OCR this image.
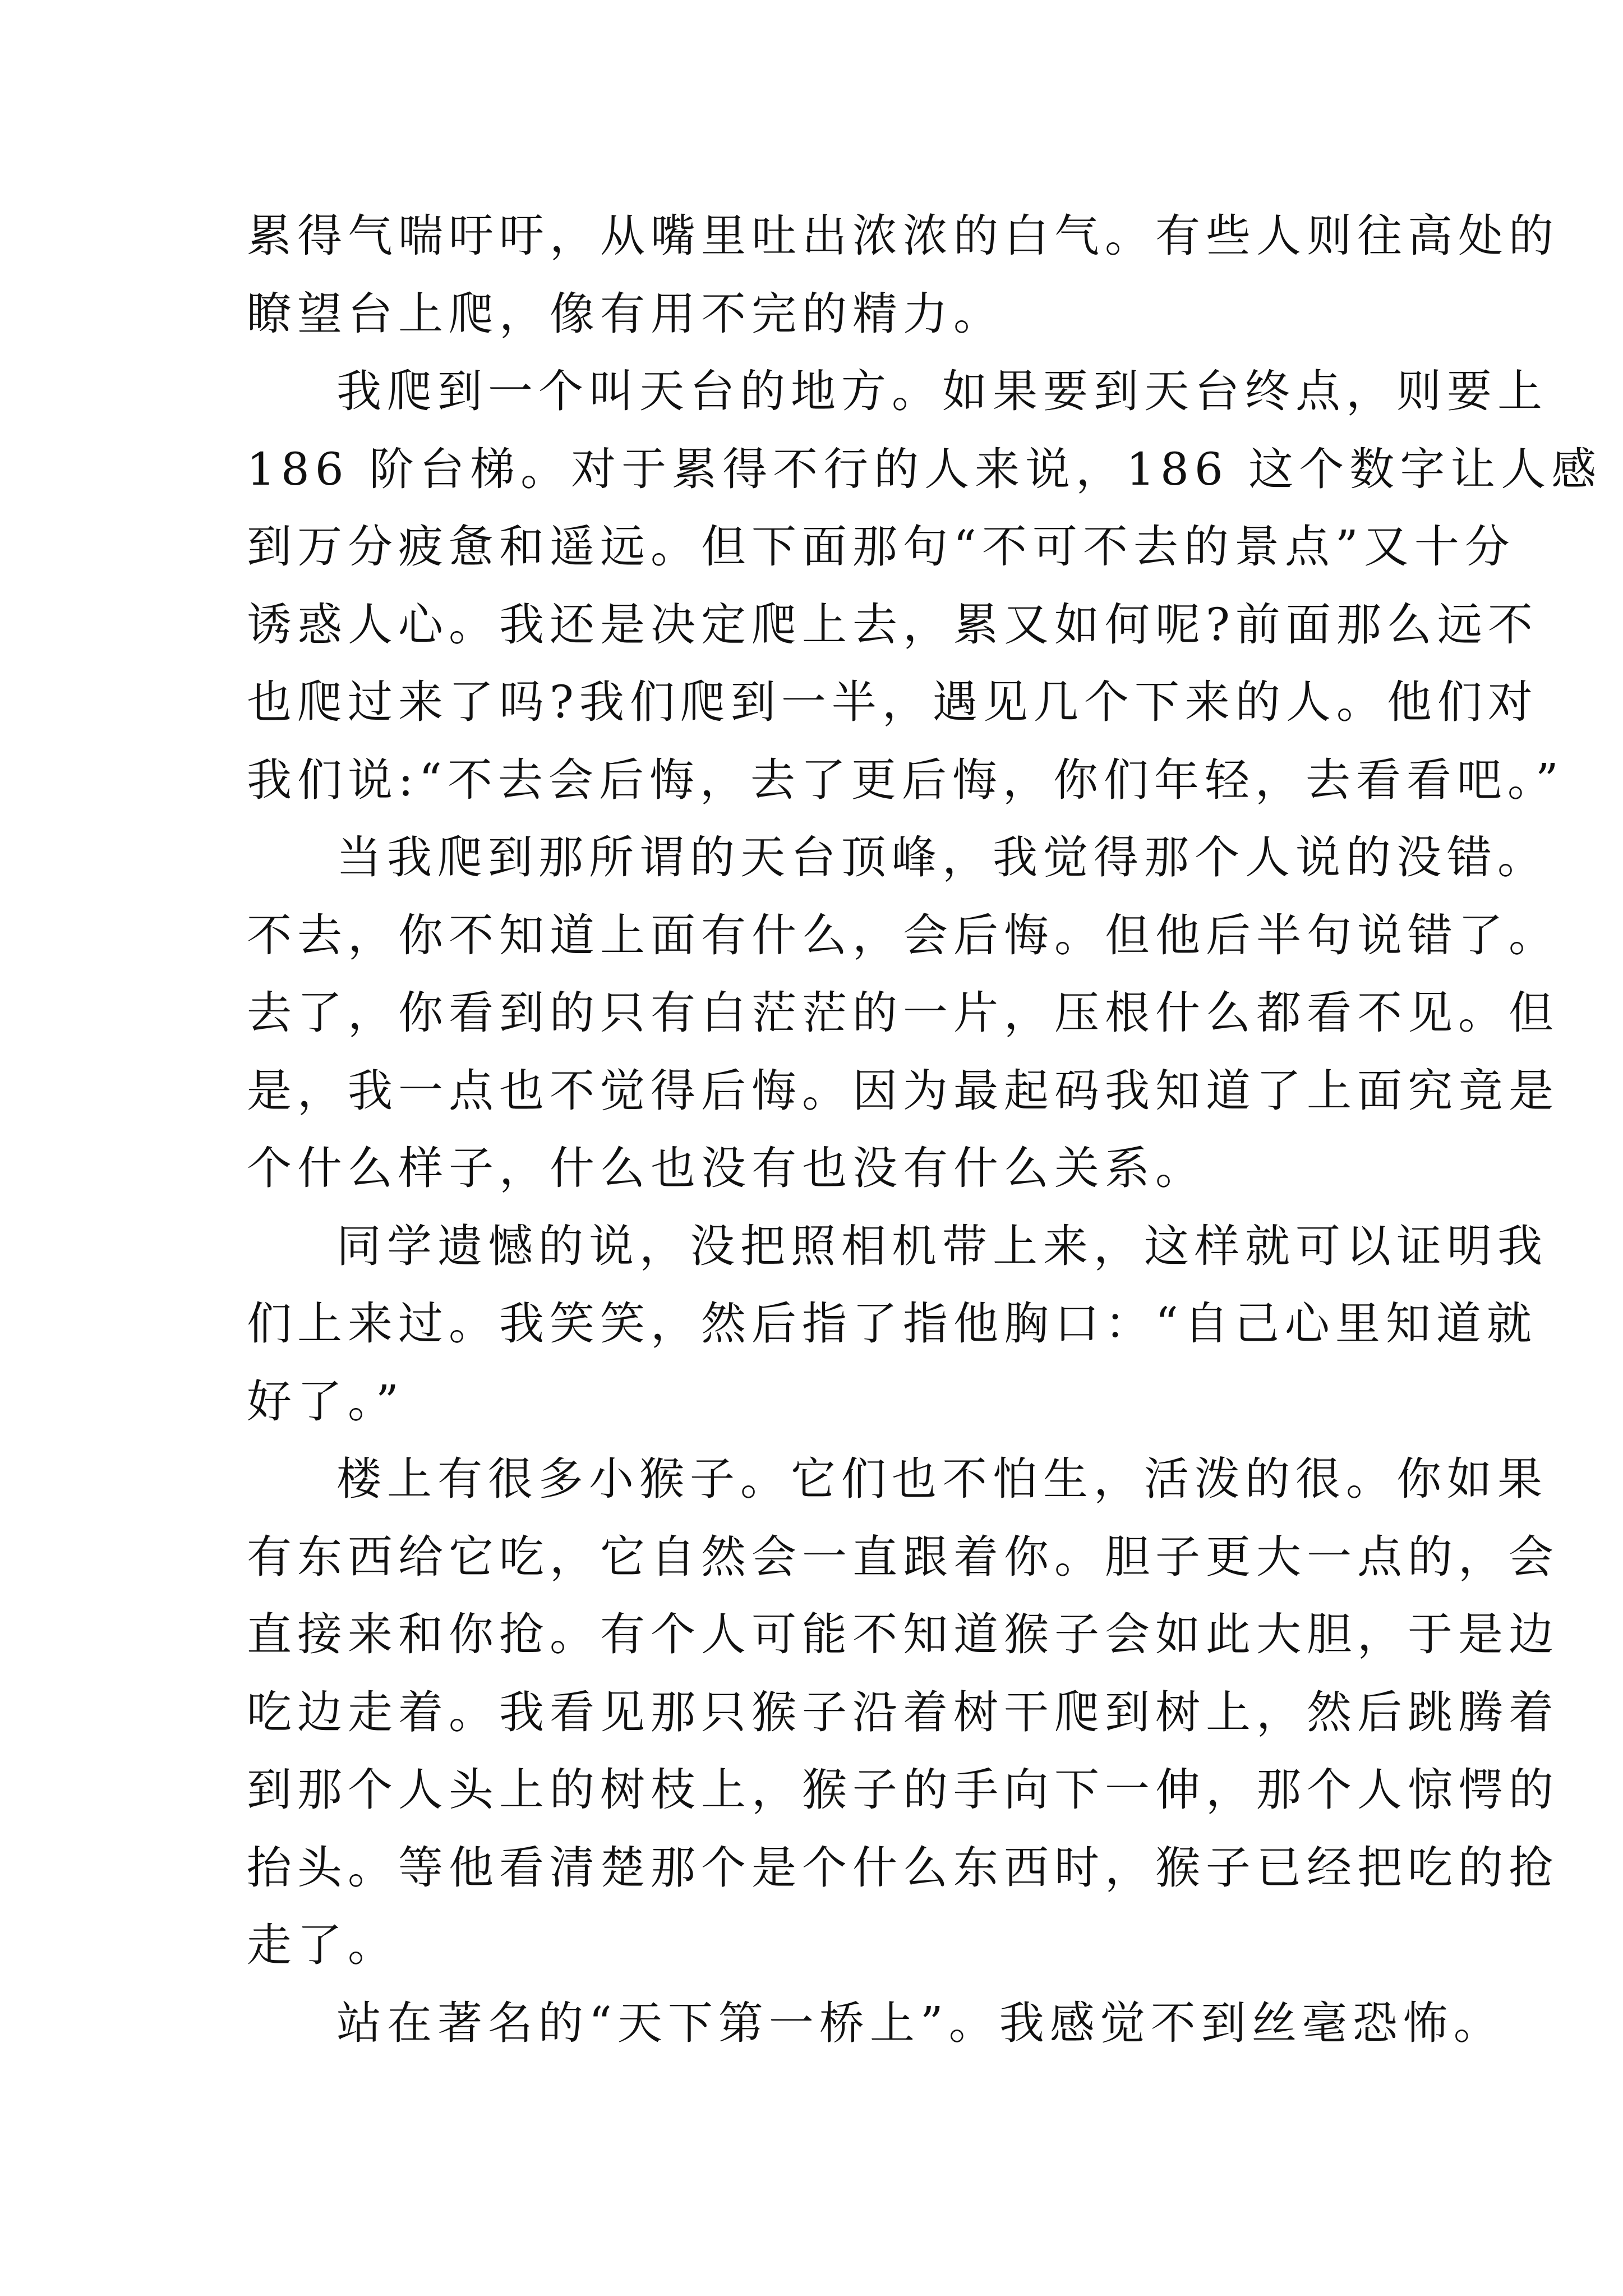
累得气喘吁吁，从嘴里吐出浓浓的白气。有些人则往高处的
瞭望台上爬，像有用不完的精力。
我爬到一个叫天台的地方。如果要到天台终点，则要上
186 阶台梯。对于累得不行的人来说，186 这个数字让人感
到万分疲惫和遥远。但下面那句“不可不去的景点”又十分
诱惑人心。我还是决定爬上去，累又如何呢?前面那么远不
也爬过来了吗?我们爬到一半，遇见几个下来的人。他们对
我们说:“不去会后悔，去了更后悔，你们年轻，去看看吧。”
当我爬到那所谓的天台顶峰，我觉得那个人说的没错。
不去，你不知道上面有什么，会后悔。但他后半句说错了。
去了，你看到的只有白茫茫的一片，压根什么都看不见。但
是，我一点也不觉得后悔。因为最起码我知道了上面究竟是
个什么样子，什么也没有也没有什么关系。
同学遗憾的说，没把照相机带上来，这样就可以证明我
们上来过。我笑笑，然后指了指他胸口：“自己心里知道就
好了。”
楼上有很多小猴子。它们也不怕生，活泼的很。你如果
有东西给它吃，它自然会一直跟着你。胆子更大一点的，会
直接来和你抢。有个人可能不知道猴子会如此大胆，于是边
吃边走着。我看见那只猴子沿着树干爬到树上，然后跳腾着
到那个人头上的树枝上，猴子的手向下一伸，那个人惊愕的
抬头。等他看清楚那个是个什么东西时，猴子已经把吃的抢
走了。
站在著名的“天下第一桥上”。我感觉不到丝毫恐怖。
